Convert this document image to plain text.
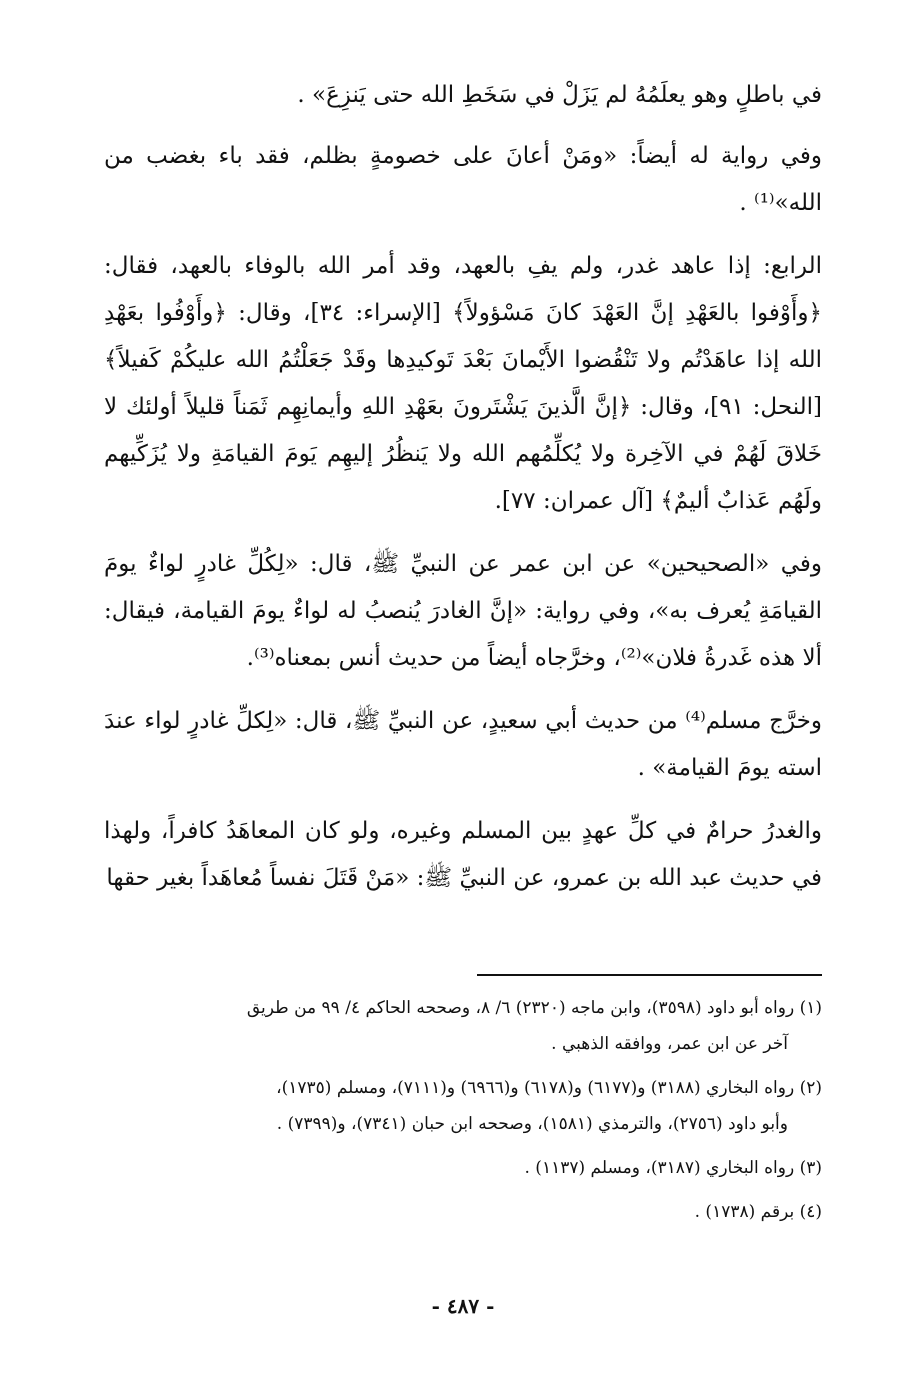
في باطلٍ وهو يعلَمُهُ لم يَزَلْ في سَخَطِ الله حتى يَنزِعَ» .

وفي رواية له أيضاً: «ومَنْ أعانَ على خصومةٍ بظلم، فقد باء بغضب من الله»⁽¹⁾ .

الرابع: إذا عاهد غدر، ولم يفِ بالعهد، وقد أمر الله بالوفاء بالعهد، فقال: ﴿وأَوْفوا بالعَهْدِ إنَّ العَهْدَ كانَ مَسْؤولاً﴾ [الإسراء: ٣٤]، وقال: ﴿وأَوْفُوا بعَهْدِ الله إذا عاهَدْتُم ولا تَنْقُضوا الأَيْمانَ بَعْدَ تَوكيدِها وقَدْ جَعَلْتُمُ الله عليكُمْ كَفيلاً﴾ [النحل: ٩١]، وقال: ﴿إنَّ الَّذينَ يَشْتَرونَ بعَهْدِ اللهِ وأيمانِهِم ثَمَناً قليلاً أولئك لا خَلاقَ لَهُمْ في الآخِرة ولا يُكلِّمُهم الله ولا يَنظُرُ إليهِم يَومَ القيامَةِ ولا يُزَكِّيهم ولَهُم عَذابٌ أليمٌ﴾ [آل عمران: ٧٧].

وفي «الصحيحين» عن ابن عمر عن النبيِّ ﷺ، قال: «لِكُلِّ غادرٍ لواءٌ يومَ القيامَةِ يُعرف به»، وفي رواية: «إنَّ الغادرَ يُنصبُ له لواءٌ يومَ القيامة، فيقال: ألا هذه غَدرةُ فلان»⁽²⁾، وخرَّجاه أيضاً من حديث أنس بمعناه⁽³⁾.

وخرَّج مسلم⁽⁴⁾ من حديث أبي سعيدٍ، عن النبيِّ ﷺ، قال: «لِكلِّ غادرٍ لواء عندَ استه يومَ القيامة» .

والغدرُ حرامٌ في كلِّ عهدٍ بين المسلم وغيره، ولو كان المعاهَدُ كافراً، ولهذا في حديث عبد الله بن عمرو، عن النبيِّ ﷺ: «مَنْ قَتَلَ نفساً مُعاهَداً بغير حقها

(١) رواه أبو داود (٣٥٩٨)، وابن ماجه (٢٣٢٠) ٦/ ٨، وصححه الحاكم ٤/ ٩٩ من طريق
آخر عن ابن عمر، ووافقه الذهبي .
(٢) رواه البخاري (٣١٨٨) و(٦١٧٧) و(٦١٧٨) و(٦٩٦٦) و(٧١١١)، ومسلم (١٧٣٥)،
وأبو داود (٢٧٥٦)، والترمذي (١٥٨١)، وصححه ابن حبان (٧٣٤١)، و(٧٣٩٩) .
(٣) رواه البخاري (٣١٨٧)، ومسلم (١١٣٧) .
(٤) برقم (١٧٣٨) .
- ٤٨٧ -
